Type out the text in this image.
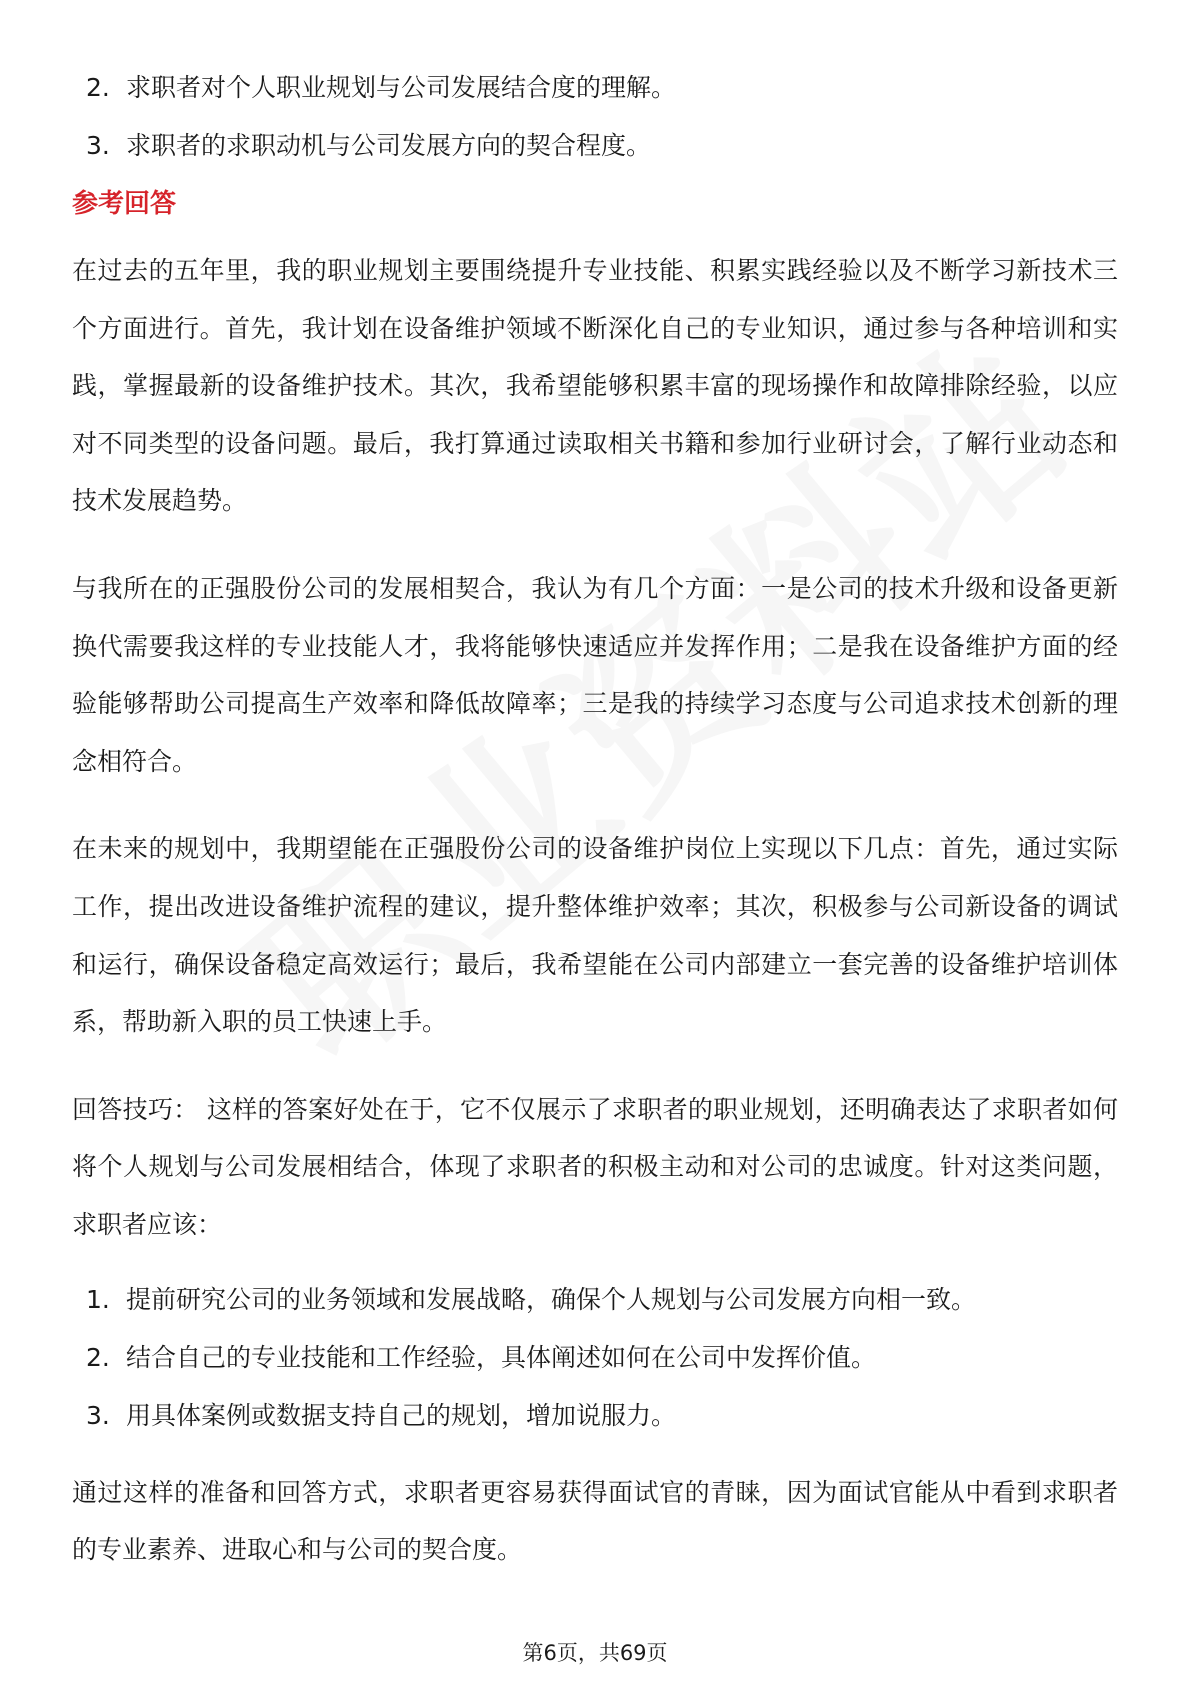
2. 求职者对个人职业规划与公司发展结合度的理解。
3. 求职者的求职动机与公司发展方向的契合程度。
参考回答

在过去的五年里，我的职业规划主要围绕提升专业技能、积累实践经验以及不断学习新技术三个方面进行。首先，我计划在设备维护领域不断深化自己的专业知识，通过参与各种培训和实践，掌握最新的设备维护技术。其次，我希望能够积累丰富的现场操作和故障排除经验，以应对不同类型的设备问题。最后，我打算通过读取相关书籍和参加行业研讨会，了解行业动态和技术发展趋势。

与我所在的正强股份公司的发展相契合，我认为有几个方面：一是公司的技术升级和设备更新换代需要我这样的专业技能人才，我将能够快速适应并发挥作用；二是我在设备维护方面的经验能够帮助公司提高生产效率和降低故障率；三是我的持续学习态度与公司追求技术创新的理念相符合。

在未来的规划中，我期望能在正强股份公司的设备维护岗位上实现以下几点：首先，通过实际工作，提出改进设备维护流程的建议，提升整体维护效率；其次，积极参与公司新设备的调试和运行，确保设备稳定高效运行；最后，我希望能在公司内部建立一套完善的设备维护培训体系，帮助新入职的员工快速上手。

回答技巧： 这样的答案好处在于，它不仅展示了求职者的职业规划，还明确表达了求职者如何将个人规划与公司发展相结合，体现了求职者的积极主动和对公司的忠诚度。针对这类问题，求职者应该：

1. 提前研究公司的业务领域和发展战略，确保个人规划与公司发展方向相一致。
2. 结合自己的专业技能和工作经验，具体阐述如何在公司中发挥价值。
3. 用具体案例或数据支持自己的规划，增加说服力。

通过这样的准备和回答方式，求职者更容易获得面试官的青睐，因为面试官能从中看到求职者的专业素养、进取心和与公司的契合度。

第6页，共69页
